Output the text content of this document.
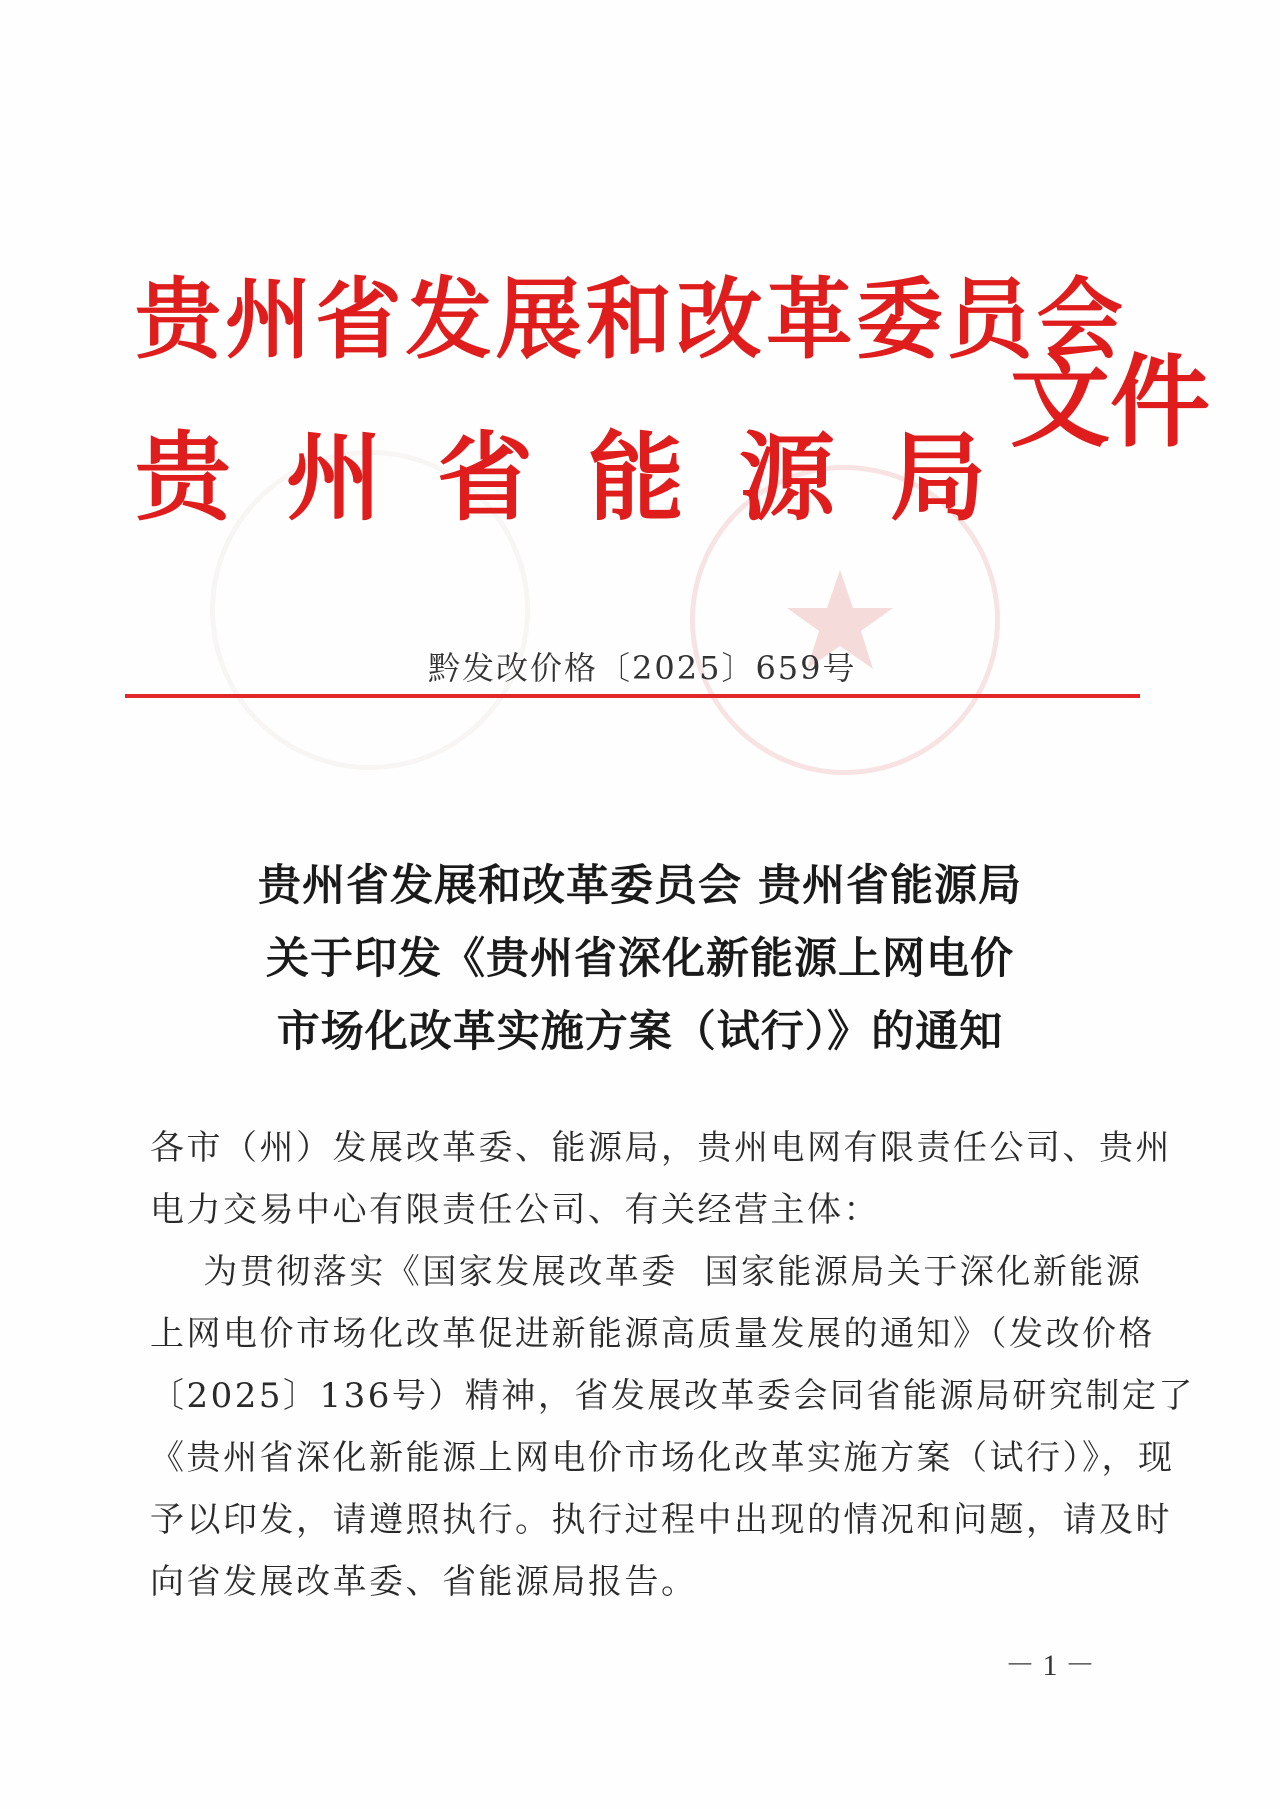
贵州省发展和改革委员会
贵 州 省 能 源 局
文件
黔发改价格〔2025〕659号
贵州省发展和改革委员会 贵州省能源局
关于印发《贵州省深化新能源上网电价
市场化改革实施方案（试行）》的通知
各市（州）发展改革委、能源局，贵州电网有限责任公司、贵州
电力交易中心有限责任公司、有关经营主体：
为贯彻落实《国家发展改革委  国家能源局关于深化新能源
上网电价市场化改革促进新能源高质量发展的通知》（发改价格
〔2025〕136号）精神，省发展改革委会同省能源局研究制定了
《贵州省深化新能源上网电价市场化改革实施方案（试行）》，现
予以印发，请遵照执行。执行过程中出现的情况和问题，请及时
向省发展改革委、省能源局报告。
－ 1 －
